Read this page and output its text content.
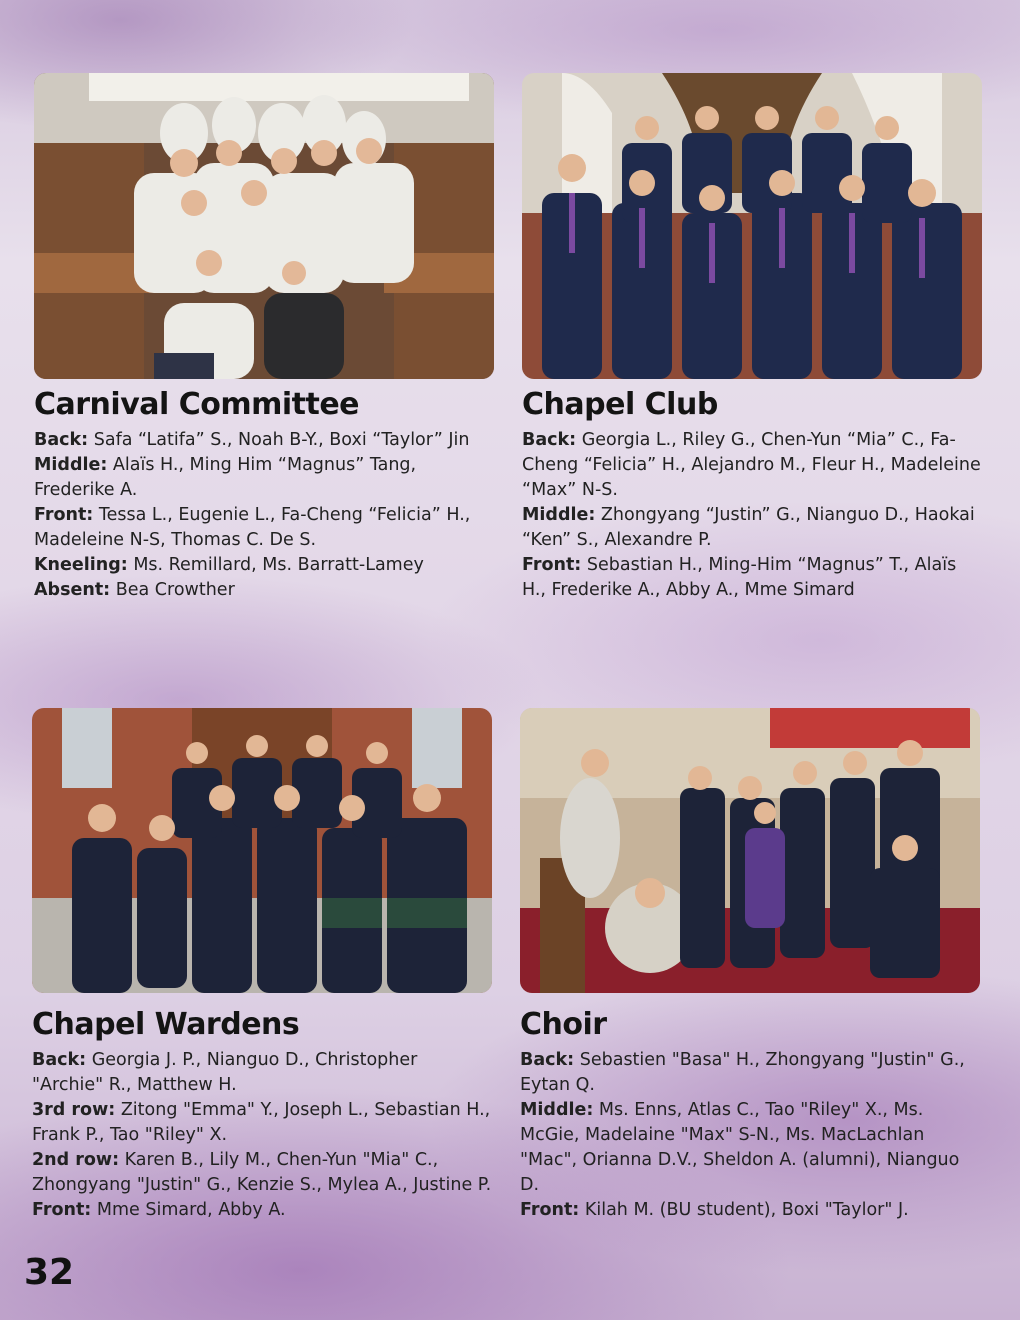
Carnival Committee

Back: Safa “Latifa” S., Noah B-Y., Boxi “Taylor” Jin

Middle: Alaïs H., Ming Him “Magnus” Tang, Frederike A.

Front: Tessa L., Eugenie L., Fa-Cheng “Felicia” H., Madeleine N-S, Thomas C. De S.

Kneeling: Ms. Remillard, Ms. Barratt-Lamey

Absent: Bea Crowther

Chapel Club

Back: Georgia L., Riley G., Chen-Yun “Mia” C., Fa-Cheng “Felicia” H., Alejandro M., Fleur H., Madeleine “Max” N-S.

Middle: Zhongyang “Justin” G., Nianguo D., Haokai “Ken” S., Alexandre P.

Front: Sebastian H., Ming-Him “Magnus” T., Alaïs H., Frederike A., Abby A., Mme Simard

Chapel Wardens

Back: Georgia J. P., Nianguo D., Christopher "Archie" R., Matthew H.

3rd row: Zitong "Emma" Y., Joseph L., Sebastian H., Frank P., Tao "Riley" X.

2nd row: Karen B., Lily M., Chen-Yun "Mia" C., Zhongyang "Justin" G., Kenzie S., Mylea A., Justine P.

Front: Mme Simard, Abby A.

Choir

Back: Sebastien "Basa" H., Zhongyang "Justin" G., Eytan Q.

Middle: Ms. Enns, Atlas C., Tao "Riley" X., Ms. McGie, Madelaine "Max" S-N., Ms. MacLachlan "Mac", Orianna D.V., Sheldon A. (alumni), Nianguo D.

Front: Kilah M. (BU student), Boxi "Taylor" J.

32
